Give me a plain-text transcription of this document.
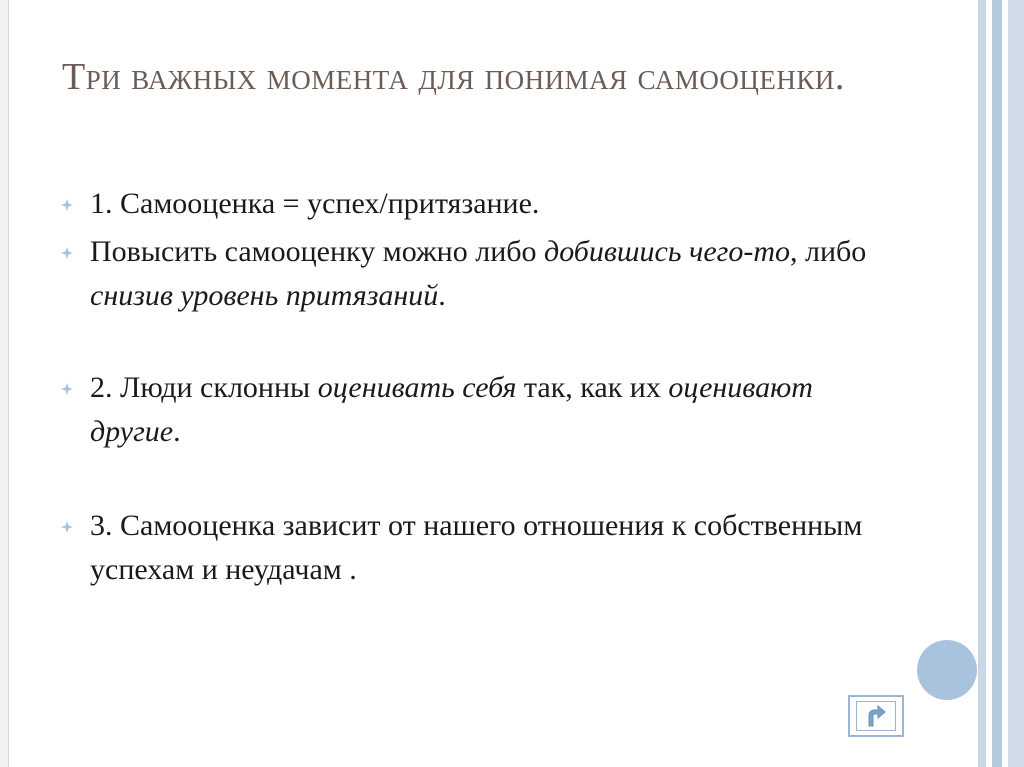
Три важных момента для понимая самооценки.
1. Самооценка = успех/притязание.
Повысить самооценку можно либо добившись чего-то, либо снизив уровень притязаний.
2. Люди склонны оценивать себя так, как их оценивают другие.
3. Самооценка зависит от нашего отношения к собственным успехам и неудачам .
